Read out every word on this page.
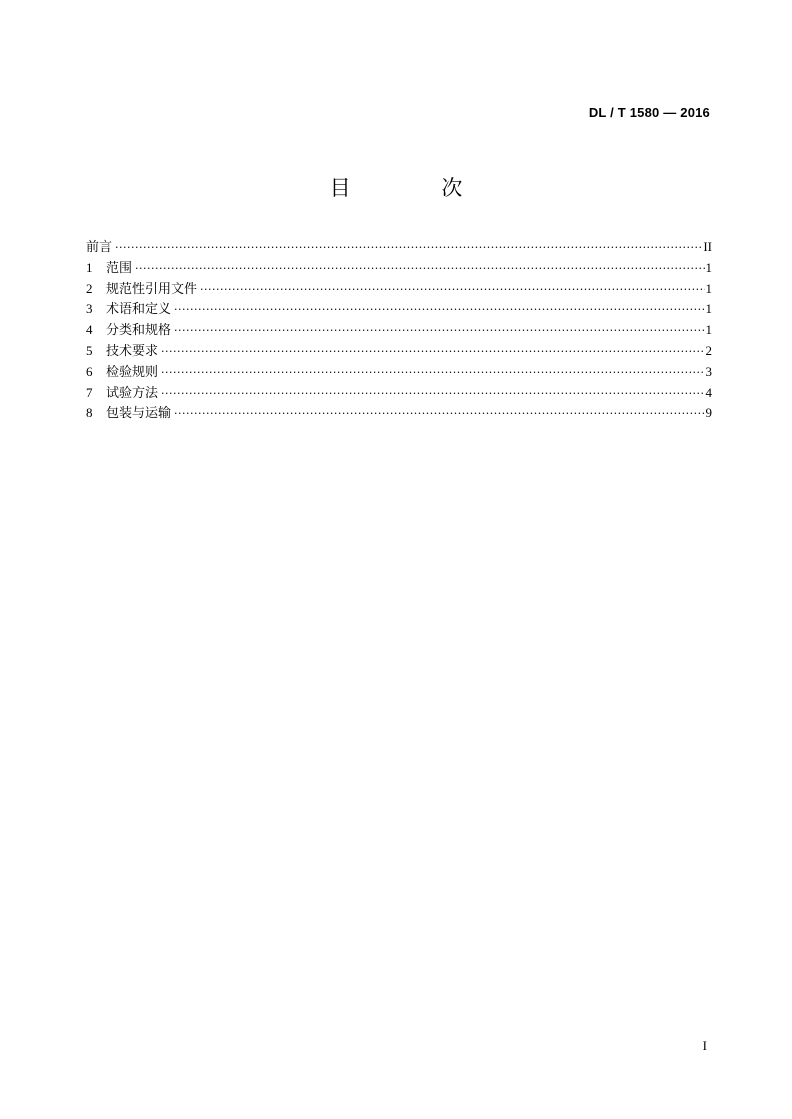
DL / T 1580 — 2016
目 次
前言 ·····	II
1	范围 ·····	1
2	规范性引用文件 ·····	1
3	术语和定义 ·····	1
4	分类和规格 ·····	1
5	技术要求 ·····	2
6	检验规则 ·····	3
7	试验方法 ·····	4
8	包装与运输 ·····	9
I
